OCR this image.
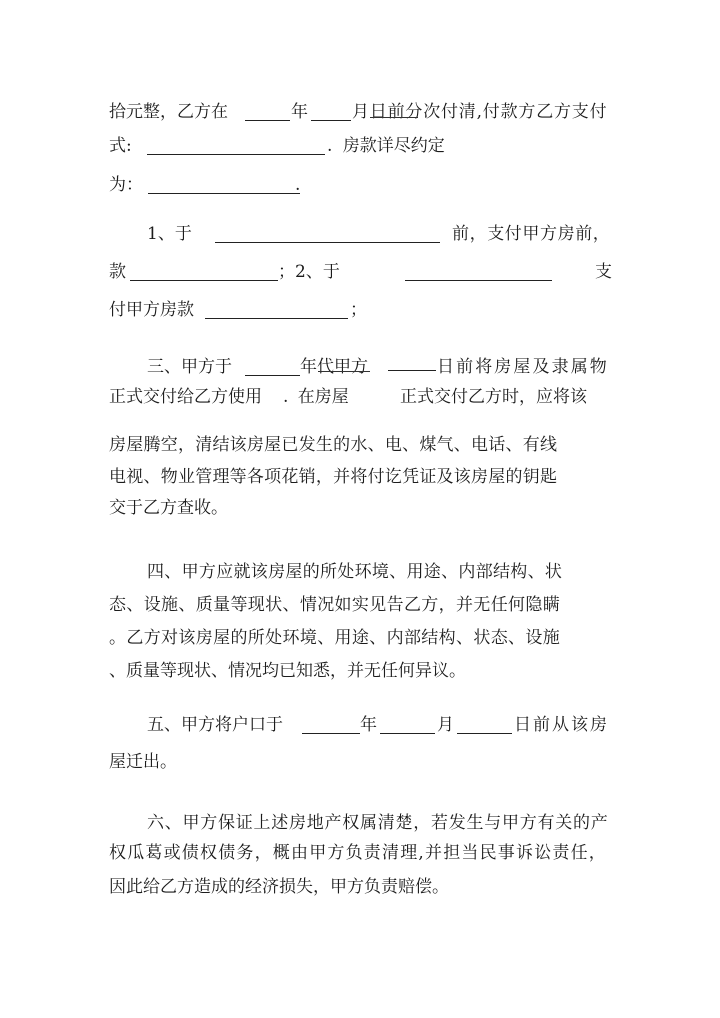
拾元整，乙方在	年	月日前分次付清,付款方乙方支付
式:	. 房款详尽约定
为：	.
1、于	前，支付甲方房前，
款	；2、于	支
付甲方房款	；
三、甲方于	年代甲方	日前将房屋及隶属物
正式交付给乙方使用 . 在房屋	正式交付乙方时，应将该
房屋腾空，清结该房屋已发生的水、电、煤气、电话、有线
电视、物业管理等各项花销，并将付讫凭证及该房屋的钥匙
交于乙方查收。
四、甲方应就该房屋的所处环境、用途、内部结构、状
态、设施、质量等现状、情况如实见告乙方，并无任何隐瞒
。乙方对该房屋的所处环境、用途、内部结构、状态、设施
、质量等现状、情况均已知悉，并无任何异议。
五、甲方将户口于	年	月	日前从该房
屋迁出。
六、甲方保证上述房地产权属清楚，若发生与甲方有关的产
权瓜葛或债权债务，概由甲方负责清理,并担当民事诉讼责任，
因此给乙方造成的经济损失，甲方负责赔偿。
